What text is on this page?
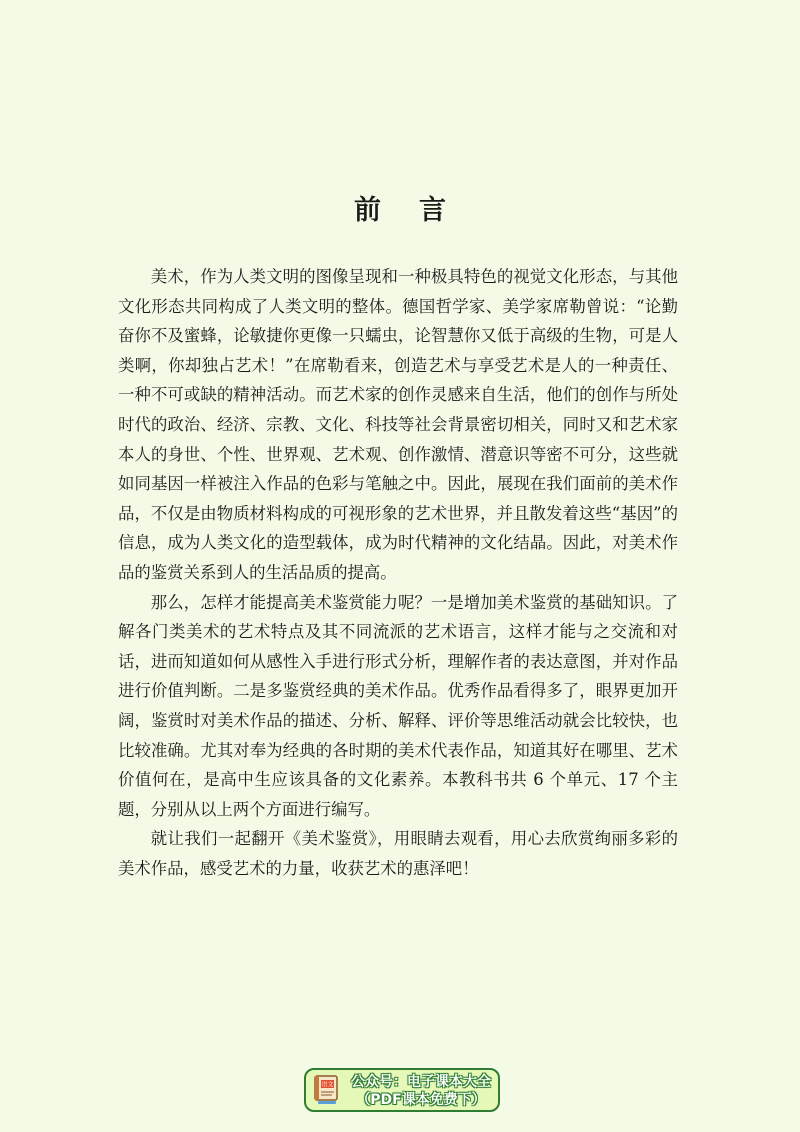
前言

美术，作为人类文明的图像呈现和一种极具特色的视觉文化形态，与其他文化形态共同构成了人类文明的整体。德国哲学家、美学家席勒曾说：“论勤奋你不及蜜蜂，论敏捷你更像一只蠕虫，论智慧你又低于高级的生物，可是人类啊，你却独占艺术！”在席勒看来，创造艺术与享受艺术是人的一种责任、一种不可或缺的精神活动。而艺术家的创作灵感来自生活，他们的创作与所处时代的政治、经济、宗教、文化、科技等社会背景密切相关，同时又和艺术家本人的身世、个性、世界观、艺术观、创作激情、潜意识等密不可分，这些就如同基因一样被注入作品的色彩与笔触之中。因此，展现在我们面前的美术作品，不仅是由物质材料构成的可视形象的艺术世界，并且散发着这些“基因”的信息，成为人类文化的造型载体，成为时代精神的文化结晶。因此，对美术作品的鉴赏关系到人的生活品质的提高。

那么，怎样才能提高美术鉴赏能力呢？一是增加美术鉴赏的基础知识。了解各门类美术的艺术特点及其不同流派的艺术语言，这样才能与之交流和对话，进而知道如何从感性入手进行形式分析，理解作者的表达意图，并对作品进行价值判断。二是多鉴赏经典的美术作品。优秀作品看得多了，眼界更加开阔，鉴赏时对美术作品的描述、分析、解释、评价等思维活动就会比较快，也比较准确。尤其对奉为经典的各时期的美术代表作品，知道其好在哪里、艺术价值何在，是高中生应该具备的文化素养。本教科书共 6 个单元、17 个主题，分别从以上两个方面进行编写。

就让我们一起翻开《美术鉴赏》，用眼睛去观看，用心去欣赏绚丽多彩的美术作品，感受艺术的力量，收获艺术的惠泽吧！

语文	公众号：电子课本大全
（PDF课本免费下）
